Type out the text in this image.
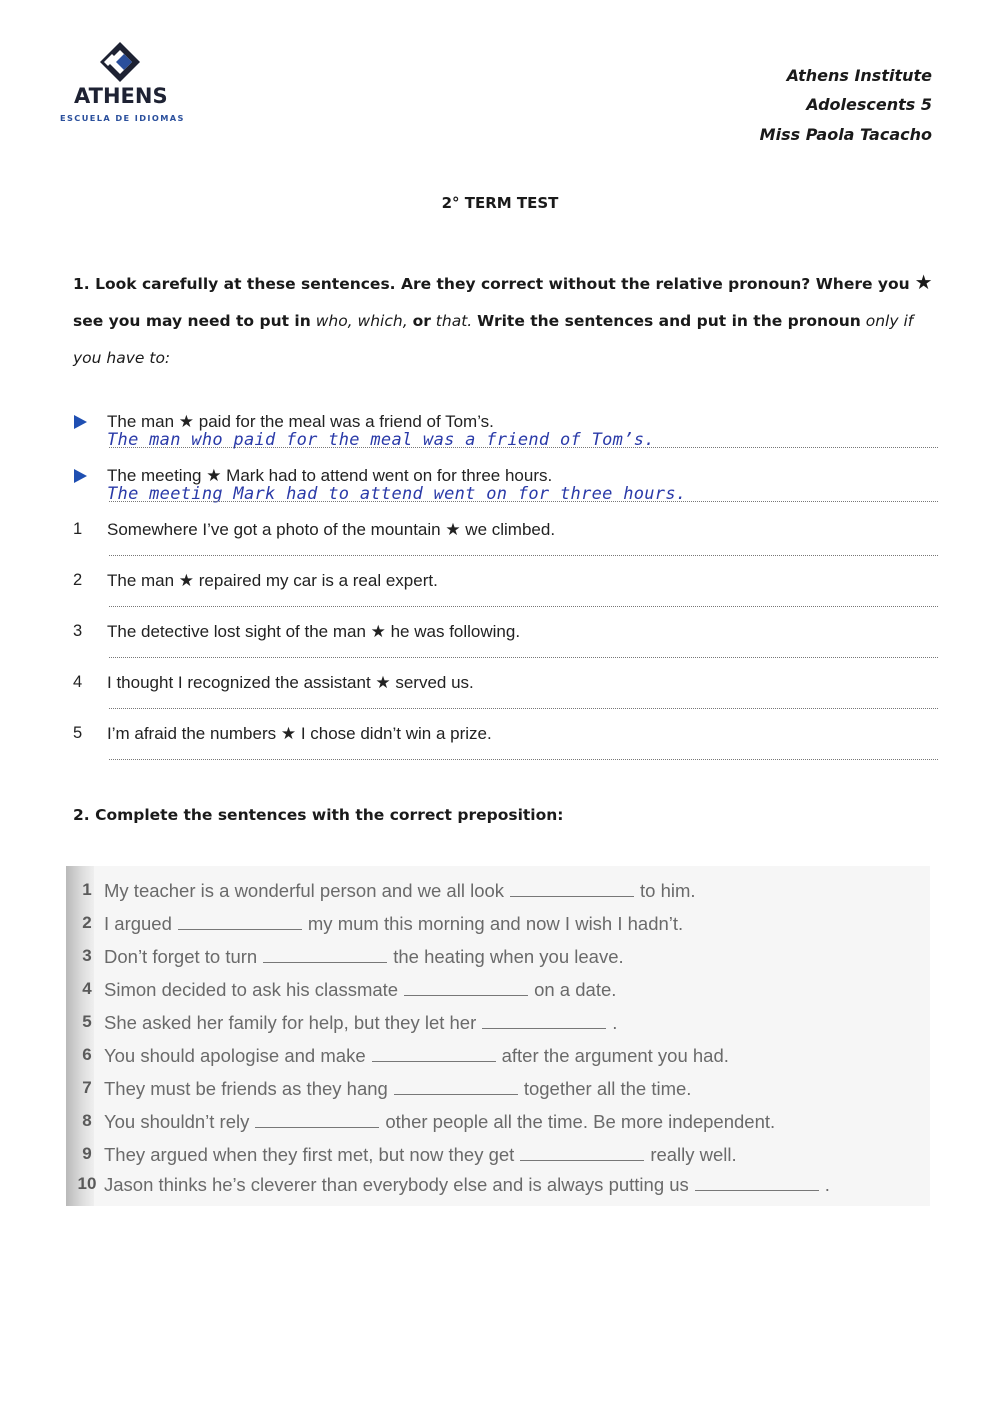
ATHENS
ESCUELA DE IDIOMAS
Athens Institute
Adolescents 5
Miss Paola Tacacho
2° TERM TEST
1. Look carefully at these sentences. Are they correct without the relative pronoun? Where you ★
see you may need to put in who, which, or that. Write the sentences and put in the pronoun only if you have to:
The man ★ paid for the meal was a friend of Tom’s.
The man who paid for the meal was a friend of Tom’s.
The meeting ★ Mark had to attend went on for three hours.
The meeting Mark had to attend went on for three hours.
1	Somewhere I’ve got a photo of the mountain ★ we climbed.
2	The man ★ repaired my car is a real expert.
3	The detective lost sight of the man ★ he was following.
4	I thought I recognized the assistant ★ served us.
5	I’m afraid the numbers ★ I chose didn’t win a prize.
2. Complete the sentences with the correct preposition:
1 My teacher is a wonderful person and we all look	to him.
2 I argued	my mum this morning and now I wish I hadn’t.
3 Don’t forget to turn	the heating when you leave.
4 Simon decided to ask his classmate	on a date.
5 She asked her family for help, but they let her	.
6 You should apologise and make	after the argument you had.
7 They must be friends as they hang	together all the time.
8 You shouldn’t rely	other people all the time. Be more independent.
9 They argued when they first met, but now they get	really well.
10 Jason thinks he’s cleverer than everybody else and is always putting us	.
